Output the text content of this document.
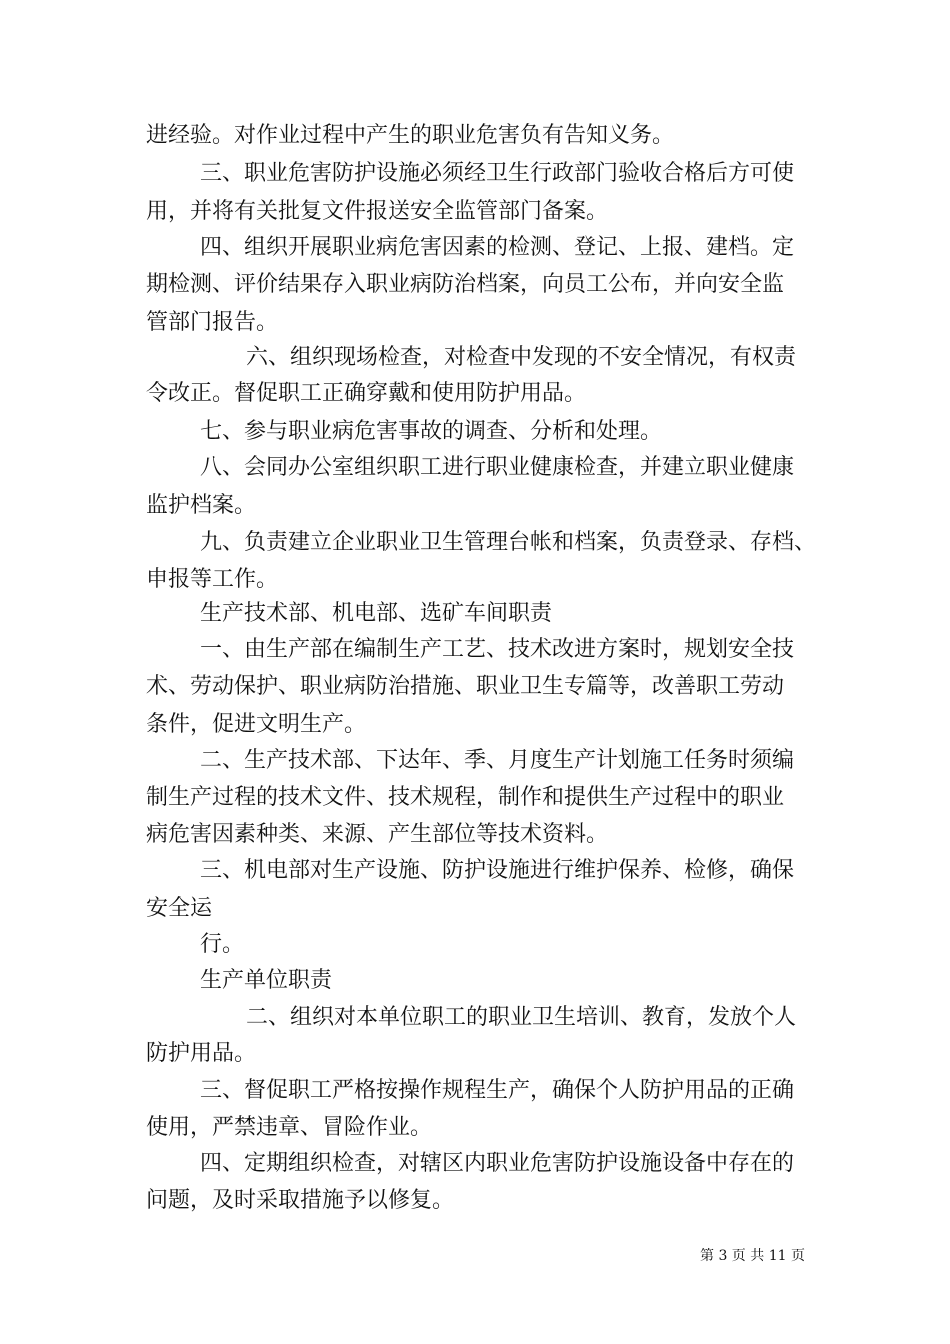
进经验。对作业过程中产生的职业危害负有告知义务。
三、职业危害防护设施必须经卫生行政部门验收合格后方可使
用，并将有关批复文件报送安全监管部门备案。
四、组织开展职业病危害因素的检测、登记、上报、建档。定
期检测、评价结果存入职业病防治档案，向员工公布，并向安全监
管部门报告。
六、组织现场检查，对检查中发现的不安全情况，有权责
令改正。督促职工正确穿戴和使用防护用品。
七、参与职业病危害事故的调查、分析和处理。
八、会同办公室组织职工进行职业健康检查，并建立职业健康
监护档案。
九、负责建立企业职业卫生管理台帐和档案，负责登录、存档、
申报等工作。
生产技术部、机电部、选矿车间职责
一、由生产部在编制生产工艺、技术改进方案时，规划安全技
术、劳动保护、职业病防治措施、职业卫生专篇等，改善职工劳动
条件，促进文明生产。
二、生产技术部、下达年、季、月度生产计划施工任务时须编
制生产过程的技术文件、技术规程，制作和提供生产过程中的职业
病危害因素种类、来源、产生部位等技术资料。
三、机电部对生产设施、防护设施进行维护保养、检修，确保
安全运
行。
生产单位职责
二、组织对本单位职工的职业卫生培训、教育，发放个人
防护用品。
三、督促职工严格按操作规程生产，确保个人防护用品的正确
使用，严禁违章、冒险作业。
四、定期组织检查，对辖区内职业危害防护设施设备中存在的
问题，及时采取措施予以修复。
第 3 页 共 11 页
